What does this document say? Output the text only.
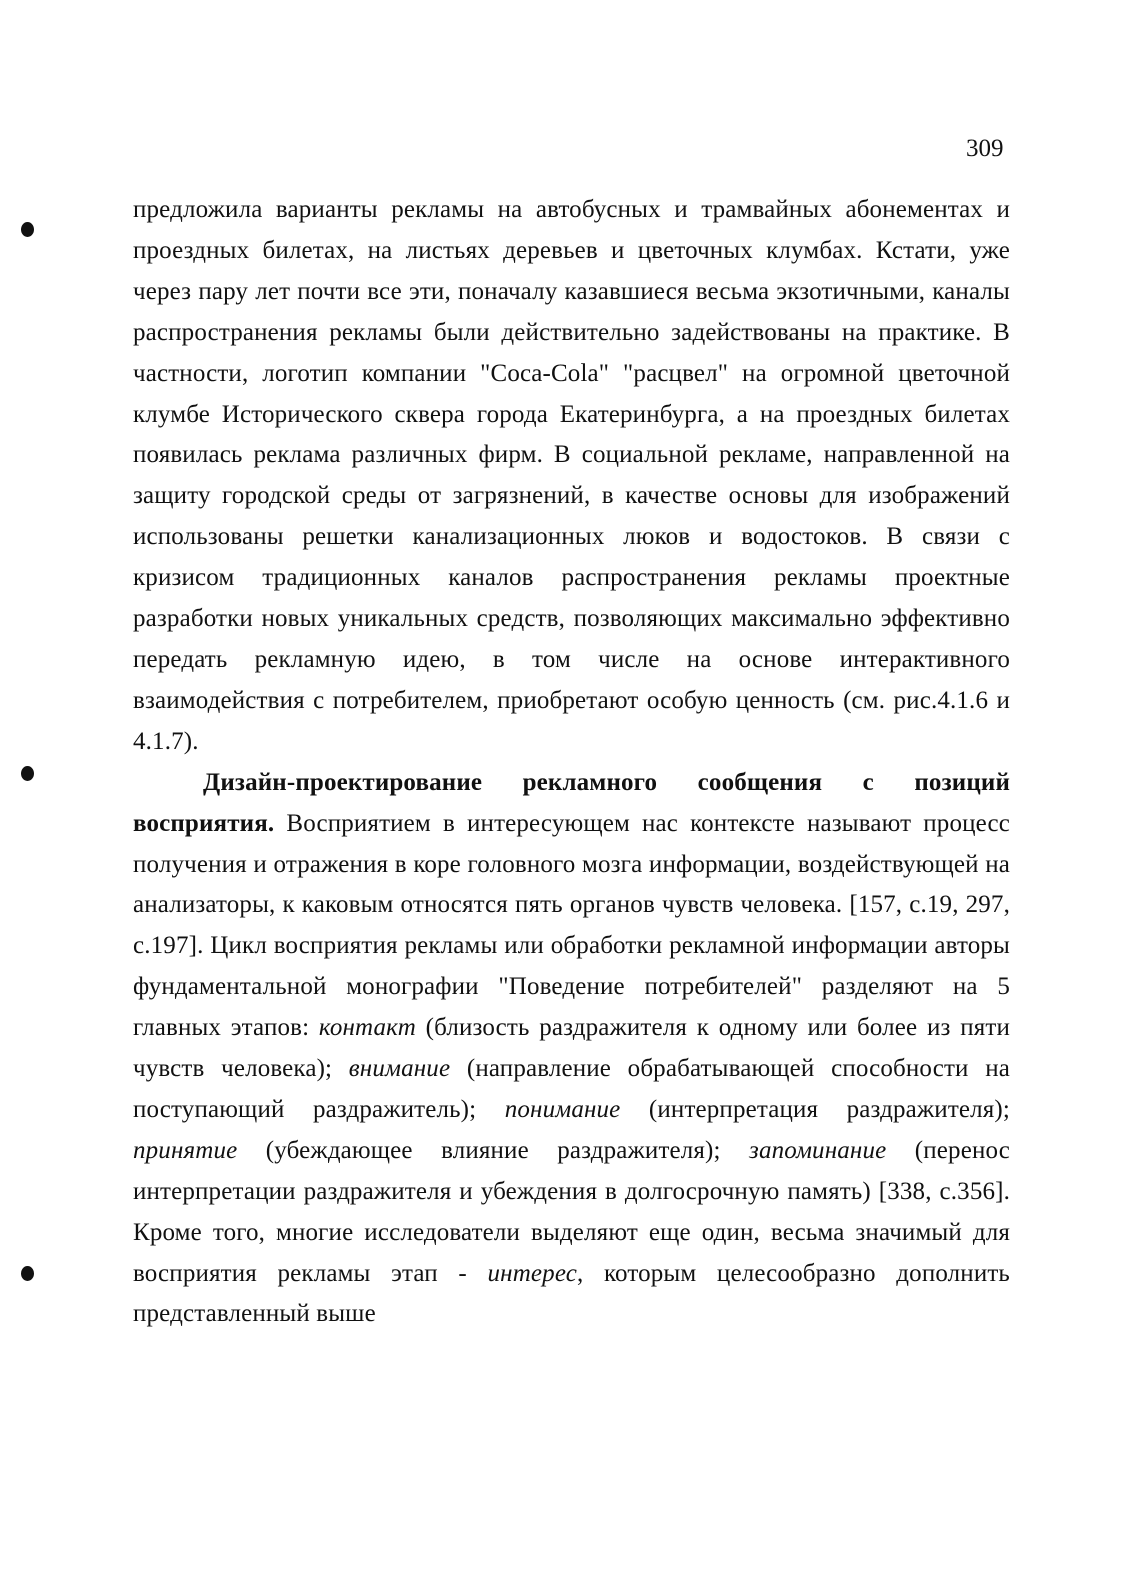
309

предложила варианты рекламы на автобусных и трамвайных абонементах и проездных билетах, на листьях деревьев и цветочных клумбах. Кстати, уже через пару лет почти все эти, поначалу казавшиеся весьма экзотичными, каналы распространения рекламы были действительно задействованы на практике. В частности, логотип компании "Coca-Cola" "расцвел" на огромной цветочной клумбе Исторического сквера города Екатеринбурга, а на проездных билетах появилась реклама различных фирм. В социальной рекламе, направленной на защиту городской среды от загрязнений, в качестве основы для изображений использованы решетки канализационных люков и водостоков. В связи с кризисом традиционных каналов распространения рекламы проектные разработки новых уникальных средств, позволяющих максимально эффективно передать рекламную идею, в том числе на основе интерактивного взаимодействия с потребителем, приобретают особую ценность (см. рис.4.1.6 и 4.1.7).

Дизайн-проектирование рекламного сообщения с позиций восприятия. Восприятием в интересующем нас контексте называют процесс получения и отражения в коре головного мозга информации, воздействующей на анализаторы, к каковым относятся пять органов чувств человека. [157, с.19, 297, с.197]. Цикл восприятия рекламы или обработки рекламной информации авторы фундаментальной монографии "Поведение потребителей" разделяют на 5 главных этапов: контакт (близость раздражителя к одному или более из пяти чувств человека); внимание (направление обрабатывающей способности на поступающий раздражитель); понимание (интерпретация раздражителя); принятие (убеждающее влияние раздражителя); запоминание (перенос интерпретации раздражителя и убеждения в долгосрочную память) [338, с.356]. Кроме того, многие исследователи выделяют еще один, весьма значимый для восприятия рекламы этап - интерес, которым целесообразно дополнить представленный выше
